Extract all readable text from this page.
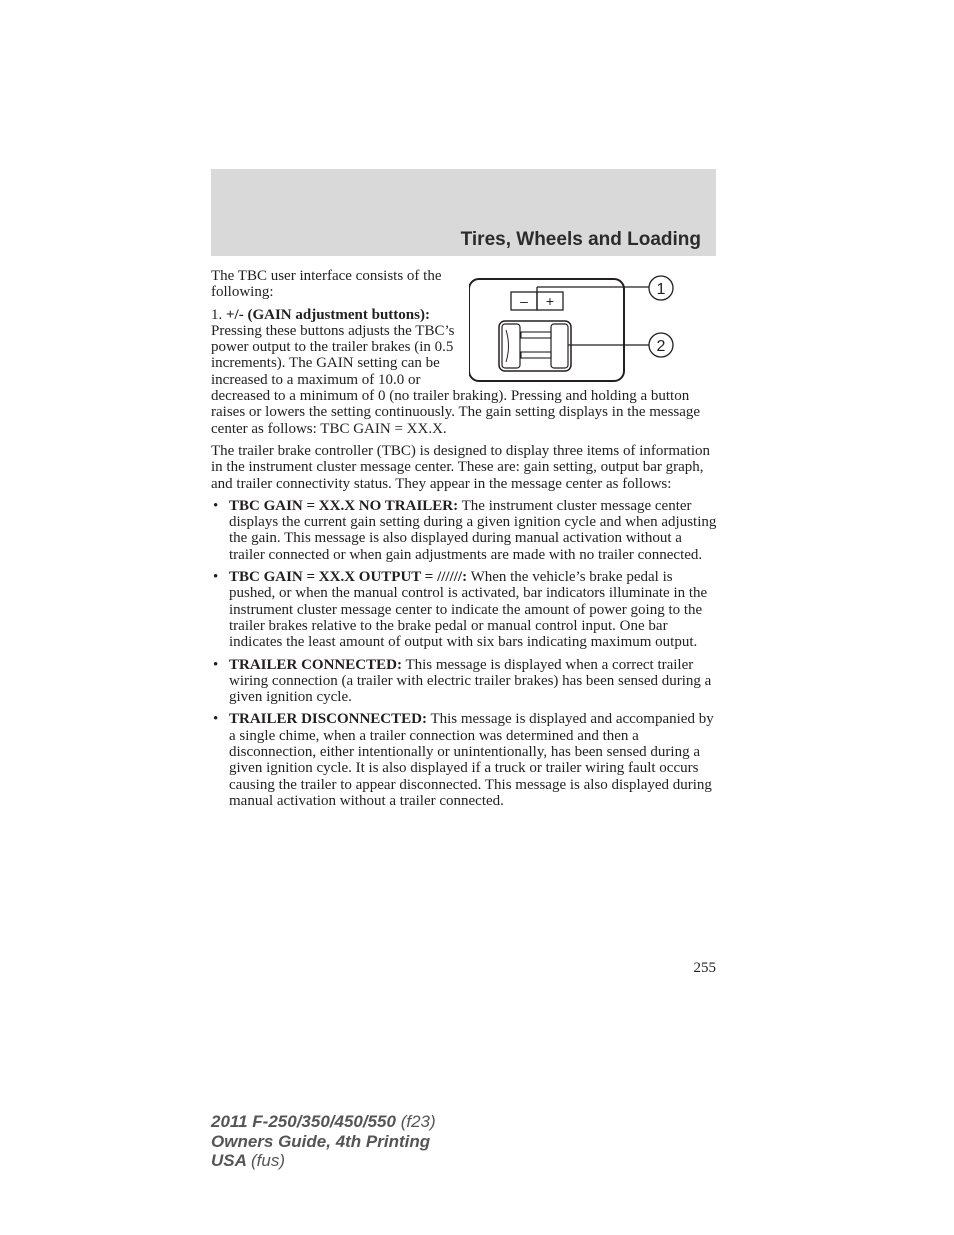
Tires, Wheels and Loading
– +
1
2

The TBC user interface consists of the following:

1. +/- (GAIN adjustment buttons): Pressing these buttons adjusts the TBC’s power output to the trailer brakes (in 0.5 increments). The GAIN setting can be increased to a maximum of 10.0 or decreased to a minimum of 0 (no trailer braking). Pressing and holding a button raises or lowers the setting continuously. The gain setting displays in the message center as follows: TBC GAIN = XX.X.

The trailer brake controller (TBC) is designed to display three items of information in the instrument cluster message center. These are: gain setting, output bar graph, and trailer connectivity status. They appear in the message center as follows:

• TBC GAIN = XX.X NO TRAILER: The instrument cluster message center displays the current gain setting during a given ignition cycle and when adjusting the gain. This message is also displayed during manual activation without a trailer connected or when gain adjustments are made with no trailer connected.
• TBC GAIN = XX.X OUTPUT = //////: When the vehicle’s brake pedal is pushed, or when the manual control is activated, bar indicators illuminate in the instrument cluster message center to indicate the amount of power going to the trailer brakes relative to the brake pedal or manual control input. One bar indicates the least amount of output with six bars indicating maximum output.
• TRAILER CONNECTED: This message is displayed when a correct trailer wiring connection (a trailer with electric trailer brakes) has been sensed during a given ignition cycle.
• TRAILER DISCONNECTED: This message is displayed and accompanied by a single chime, when a trailer connection was determined and then a disconnection, either intentionally or unintentionally, has been sensed during a given ignition cycle. It is also displayed if a truck or trailer wiring fault occurs causing the trailer to appear disconnected. This message is also displayed during manual activation without a trailer connected.
255
2011 F-250/350/450/550 (f23)
Owners Guide, 4th Printing
USA (fus)
